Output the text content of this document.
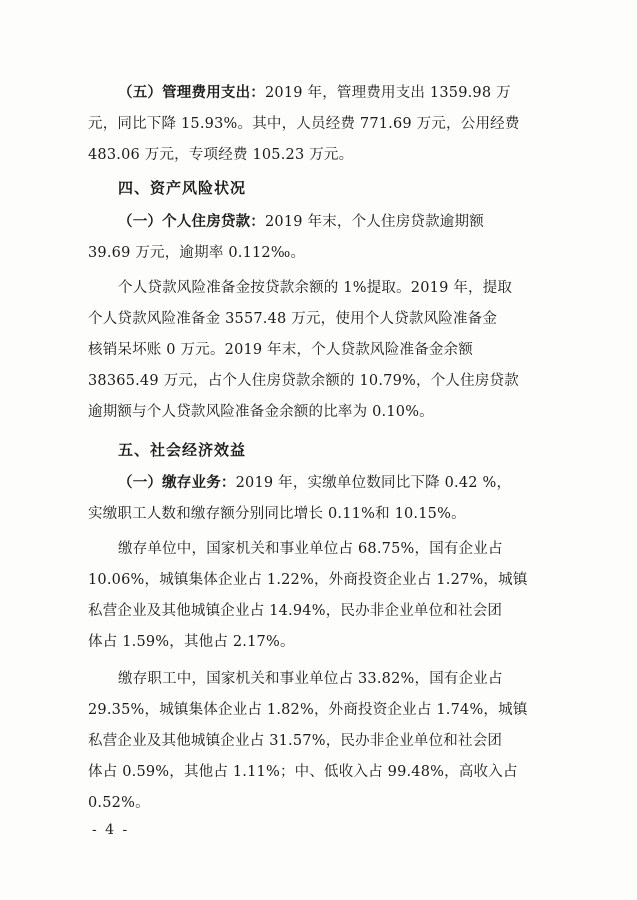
（五）管理费用支出：2019 年，管理费用支出 1359.98 万
元，同比下降 15.93%。其中，人员经费 771.69 万元，公用经费
483.06 万元，专项经费 105.23 万元。
四、资产风险状况
（一）个人住房贷款：2019 年末，个人住房贷款逾期额
39.69 万元，逾期率 0.112‰。
个人贷款风险准备金按贷款余额的 1%提取。2019 年，提取
个人贷款风险准备金 3557.48 万元，使用个人贷款风险准备金
核销呆坏账 0 万元。2019 年末，个人贷款风险准备金余额
38365.49 万元，占个人住房贷款余额的 10.79%，个人住房贷款
逾期额与个人贷款风险准备金余额的比率为 0.10%。
五、社会经济效益
（一）缴存业务：2019 年，实缴单位数同比下降 0.42 %，
实缴职工人数和缴存额分别同比增长 0.11%和 10.15%。
缴存单位中，国家机关和事业单位占 68.75%，国有企业占
10.06%，城镇集体企业占 1.22%，外商投资企业占 1.27%，城镇
私营企业及其他城镇企业占 14.94%，民办非企业单位和社会团
体占 1.59%，其他占 2.17%。
缴存职工中，国家机关和事业单位占 33.82%，国有企业占
29.35%，城镇集体企业占 1.82%，外商投资企业占 1.74%，城镇
私营企业及其他城镇企业占 31.57%，民办非企业单位和社会团
体占 0.59%，其他占 1.11%；中、低收入占 99.48%，高收入占
0.52%。
- 4 -
